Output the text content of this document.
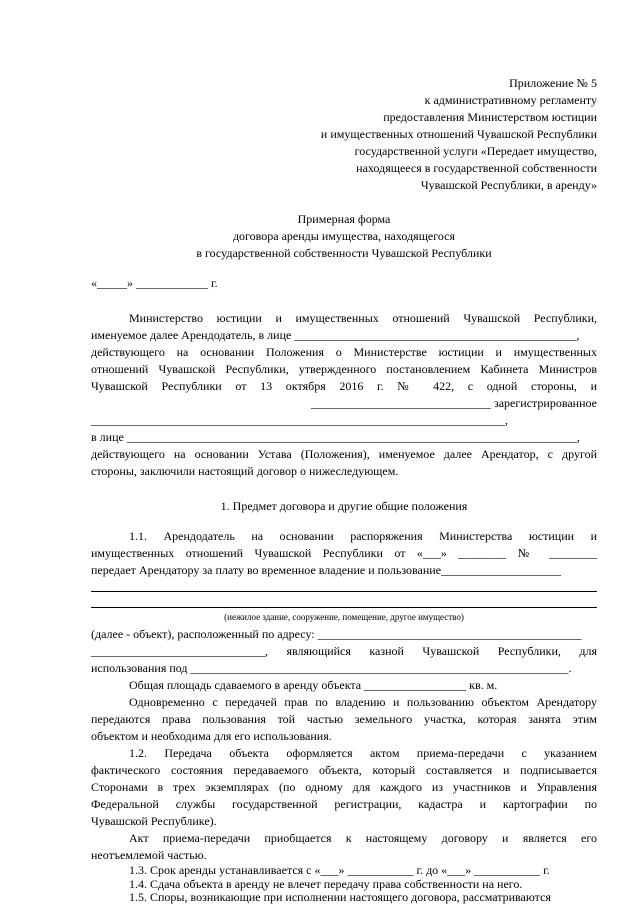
Приложение № 5
к административному регламенту
предоставления Министерством юстиции
и имущественных отношений Чувашской Республики
государственной услуги «Передает имущество,
находящееся в государственной собственности
Чувашской Республики, в аренду»
Примерная форма
договора аренды имущества, находящегося
в государственной собственности Чувашской Республики
«_____» ____________ г.
Министерство юстиции и имущественных отношений Чувашской Республики,
именуемое далее Арендодатель, в лице _______________________________________________,
действующего на основании Положения о Министерстве юстиции и имущественных
отношений Чувашской Республики, утвержденного постановлением Кабинета Министров
Чувашской Республики от 13 октября 2016 г. № 422, с одной стороны, и
______________________________ зарегистрированное
_____________________________________________________________________,
в лице ___________________________________________________________________________,
действующего на основании Устава (Положения), именуемое далее Арендатор, с другой
стороны, заключили настоящий договор о нижеследующем.
1. Предмет договора и другие общие положения
1.1. Арендодатель на основании распоряжения Министерства юстиции и
имущественных отношений Чувашской Республики от «___» ________ № ________
передает Арендатору за плату во временное владение и пользование____________________
(нежилое здание, сооружение, помещение, другое имущество)
(далее - объект), расположенный по адресу: ____________________________________________
_____________________________, являющийся казной Чувашской Республики, для
использования под _______________________________________________________________.
Общая площадь сдаваемого в аренду объекта _________________ кв. м.
Одновременно с передачей прав по владению и пользованию объектом Арендатору
передаются права пользования той частью земельного участка, которая занята этим
объектом и необходима для его использования.
1.2. Передача объекта оформляется актом приема-передачи с указанием
фактического состояния передаваемого объекта, который составляется и подписывается
Сторонами в трех экземплярах (по одному для каждого из участников и Управления
Федеральной службы государственной регистрации, кадастра и картографии по
Чувашской Республике).
Акт приема-передачи приобщается к настоящему договору и является его
неотъемлемой частью.
1.3. Срок аренды устанавливается с «___» ___________ г. до «___» ___________ г.
1.4. Сдача объекта в аренду не влечет передачу права собственности на него.
1.5. Споры, возникающие при исполнении настоящего договора, рассматриваются
